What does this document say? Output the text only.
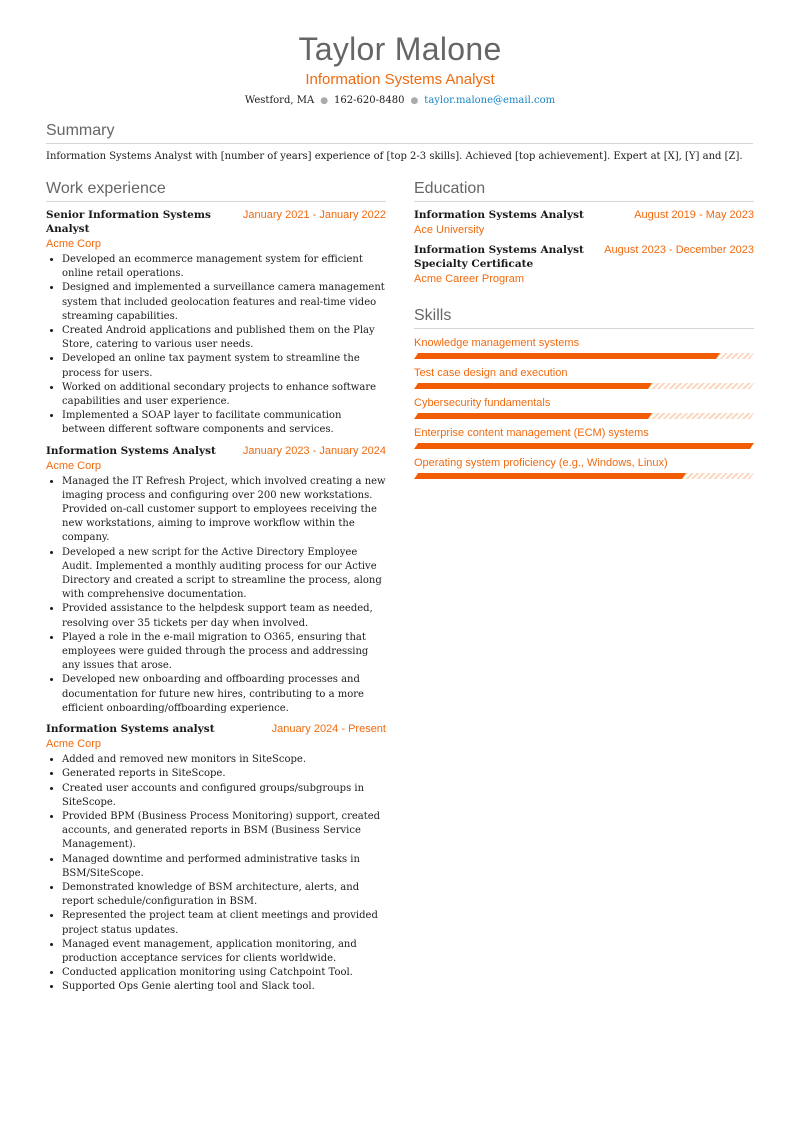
Taylor Malone
Information Systems Analyst
Westford, MA ● 162-620-8480 ● taylor.malone@email.com
Summary
Information Systems Analyst with [number of years] experience of [top 2-3 skills]. Achieved [top achievement]. Expert at [X], [Y] and [Z].
Work experience
Senior Information Systems Analyst
January 2021 - January 2022
Acme Corp
• Developed an ecommerce management system for efficient online retail operations.
• Designed and implemented a surveillance camera management system that included geolocation features and real-time video streaming capabilities.
• Created Android applications and published them on the Play Store, catering to various user needs.
• Developed an online tax payment system to streamline the process for users.
• Worked on additional secondary projects to enhance software capabilities and user experience.
• Implemented a SOAP layer to facilitate communication between different software components and services.
Information Systems Analyst	January 2023 - January 2024
Acme Corp
• Managed the IT Refresh Project, which involved creating a new imaging process and configuring over 200 new workstations. Provided on-call customer support to employees receiving the new workstations, aiming to improve workflow within the company.
• Developed a new script for the Active Directory Employee Audit. Implemented a monthly auditing process for our Active Directory and created a script to streamline the process, along with comprehensive documentation.
• Provided assistance to the helpdesk support team as needed, resolving over 35 tickets per day when involved.
• Played a role in the e-mail migration to O365, ensuring that employees were guided through the process and addressing any issues that arose.
• Developed new onboarding and offboarding processes and documentation for future new hires, contributing to a more efficient onboarding/offboarding experience.
Information Systems analyst	January 2024 - Present
Acme Corp
• Added and removed new monitors in SiteScope.
• Generated reports in SiteScope.
• Created user accounts and configured groups/subgroups in SiteScope.
• Provided BPM (Business Process Monitoring) support, created accounts, and generated reports in BSM (Business Service Management).
• Managed downtime and performed administrative tasks in BSM/SiteScope.
• Demonstrated knowledge of BSM architecture, alerts, and report schedule/configuration in BSM.
• Represented the project team at client meetings and provided project status updates.
• Managed event management, application monitoring, and production acceptance services for clients worldwide.
• Conducted application monitoring using Catchpoint Tool.
• Supported Ops Genie alerting tool and Slack tool.
Education
Information Systems Analyst	August 2019 - May 2023
Ace University
Information Systems Analyst Specialty Certificate
August 2023 - December 2023
Acme Career Program
Skills
Knowledge management systems
Test case design and execution
Cybersecurity fundamentals
Enterprise content management (ECM) systems
Operating system proficiency (e.g., Windows, Linux)
